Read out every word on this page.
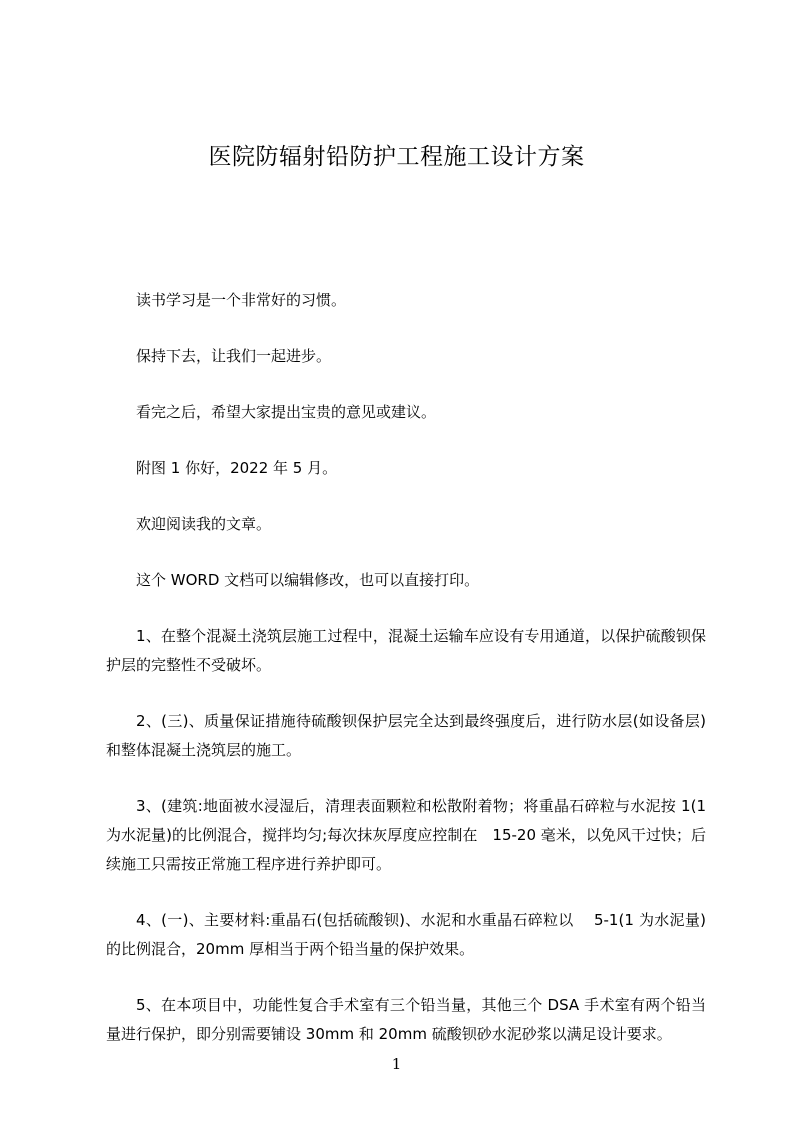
医院防辐射铅防护工程施工设计方案

读书学习是一个非常好的习惯。

保持下去，让我们一起进步。

看完之后，希望大家提出宝贵的意见或建议。

附图 1 你好，2022 年 5 月。

欢迎阅读我的文章。

这个 WORD 文档可以编辑修改，也可以直接打印。

1、在整个混凝土浇筑层施工过程中，混凝土运输车应设有专用通道，以保护硫酸钡保护层的完整性不受破坏。

2、(三)、质量保证措施待硫酸钡保护层完全达到最终强度后，进行防水层(如设备层)和整体混凝土浇筑层的施工。

3、(建筑:地面被水浸湿后，清理表面颗粒和松散附着物；将重晶石碎粒与水泥按 1(1 为水泥量)的比例混合，搅拌均匀;每次抹灰厚度应控制在　15-20 毫米，以免风干过快；后续施工只需按正常施工程序进行养护即可。

4、(一)、主要材料:重晶石(包括硫酸钡)、水泥和水重晶石碎粒以　 5-1(1 为水泥量)的比例混合，20mm 厚相当于两个铅当量的保护效果。

5、在本项目中，功能性复合手术室有三个铅当量，其他三个 DSA 手术室有两个铅当量进行保护，即分别需要铺设 30mm 和 20mm 硫酸钡砂水泥砂浆以满足设计要求。

1
